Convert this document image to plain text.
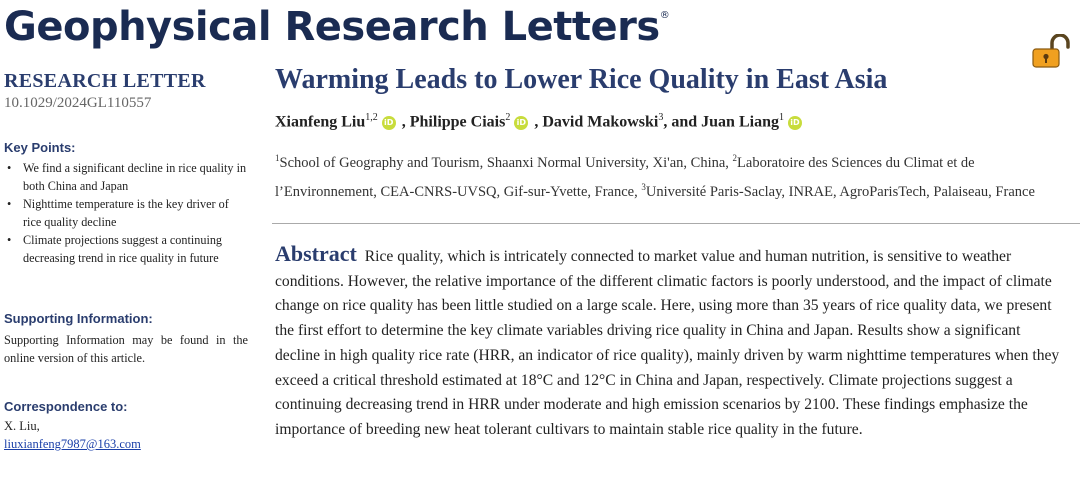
Geophysical Research Letters®
RESEARCH LETTER
10.1029/2024GL110557
Key Points:
• We find a significant decline in rice quality in both China and Japan
• Nighttime temperature is the key driver of rice quality decline
• Climate projections suggest a continuing decreasing trend in rice quality in future
Supporting Information:
Supporting Information may be found in the online version of this article.
Correspondence to:
X. Liu,
liuxianfeng7987@163.com
Warming Leads to Lower Rice Quality in East Asia
Xianfeng Liu$^{1,2}$ iD , Philippe Ciais$^2$ iD , David Makowski$^3$, and Juan Liang$^1$ iD
$^1$School of Geography and Tourism, Shaanxi Normal University, Xi'an, China, $^2$Laboratoire des Sciences du Climat et de l’Environnement, CEA-CNRS-UVSQ, Gif-sur-Yvette, France, $^3$Université Paris-Saclay, INRAE, AgroParisTech, Palaiseau, France
Abstract Rice quality, which is intricately connected to market value and human nutrition, is sensitive to weather conditions. However, the relative importance of the different climatic factors is poorly understood, and the impact of climate change on rice quality has been little studied on a large scale. Here, using more than 35 years of rice quality data, we present the first effort to determine the key climate variables driving rice quality in China and Japan. Results show a significant decline in high quality rice rate (HRR, an indicator of rice quality), mainly driven by warm nighttime temperatures when they exceed a critical threshold estimated at 18°C and 12°C in China and Japan, respectively. Climate projections suggest a continuing decreasing trend in HRR under moderate and high emission scenarios by 2100. These findings emphasize the importance of breeding new heat tolerant cultivars to maintain stable rice quality in the future.
